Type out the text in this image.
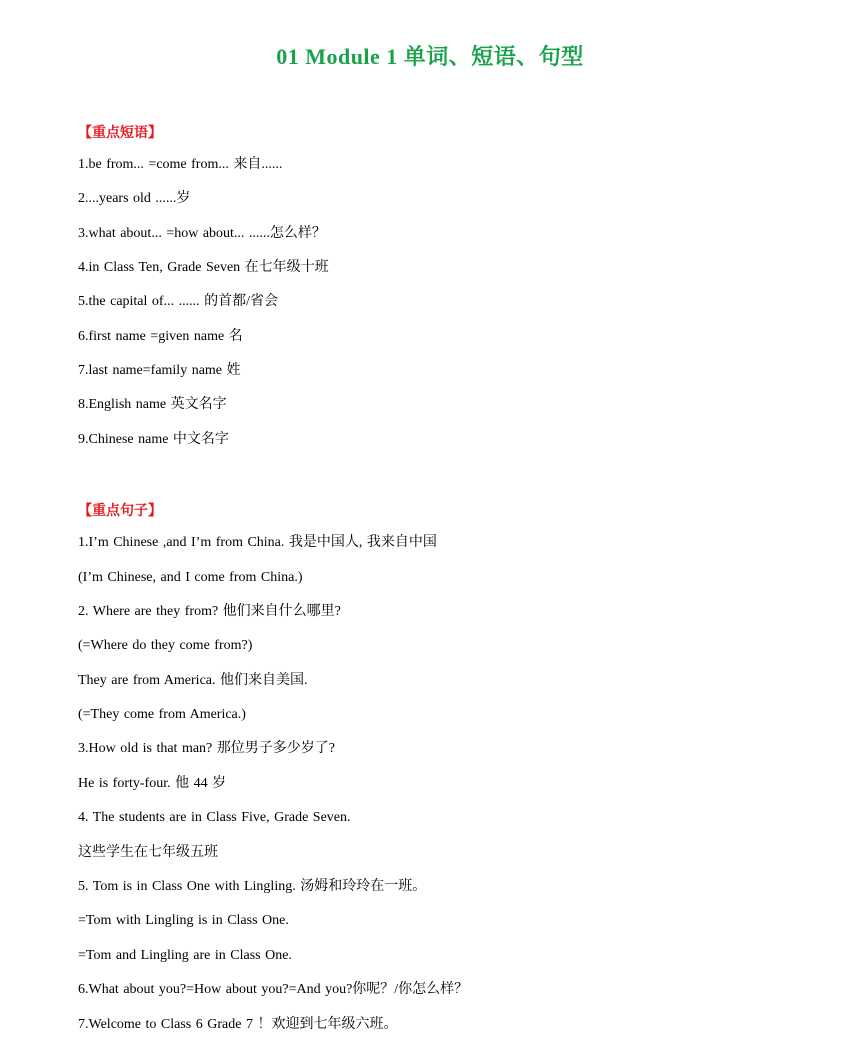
01 Module 1 单词、短语、句型
【重点短语】
1.be from... =come from... 来自......
2....years old ......岁
3.what about... =how about... ......怎么样？
4.in Class Ten, Grade Seven 在七年级十班
5.the capital of... ...... 的首都/省会
6.first name =given name 名
7.last name=family name 姓
8.English name 英文名字
9.Chinese name 中文名字
【重点句子】
1.I’m Chinese ,and I’m from China. 我是中国人, 我来自中国
(I’m Chinese, and I come from China.)
2. Where are they from? 他们来自什么哪里?
(=Where do they come from?)
They are from America. 他们来自美国.
(=They come from America.)
3.How old is that man? 那位男子多少岁了?
He is forty-four. 他 44 岁
4. The students are in Class Five, Grade Seven.
这些学生在七年级五班
5. Tom is in Class One with Lingling. 汤姆和玲玲在一班。
=Tom with Lingling is in Class One.
=Tom and Lingling are in Class One.
6.What about you?=How about you?=And you?你呢？/你怎么样？
7.Welcome to Class 6 Grade 7 ！欢迎到七年级六班。
